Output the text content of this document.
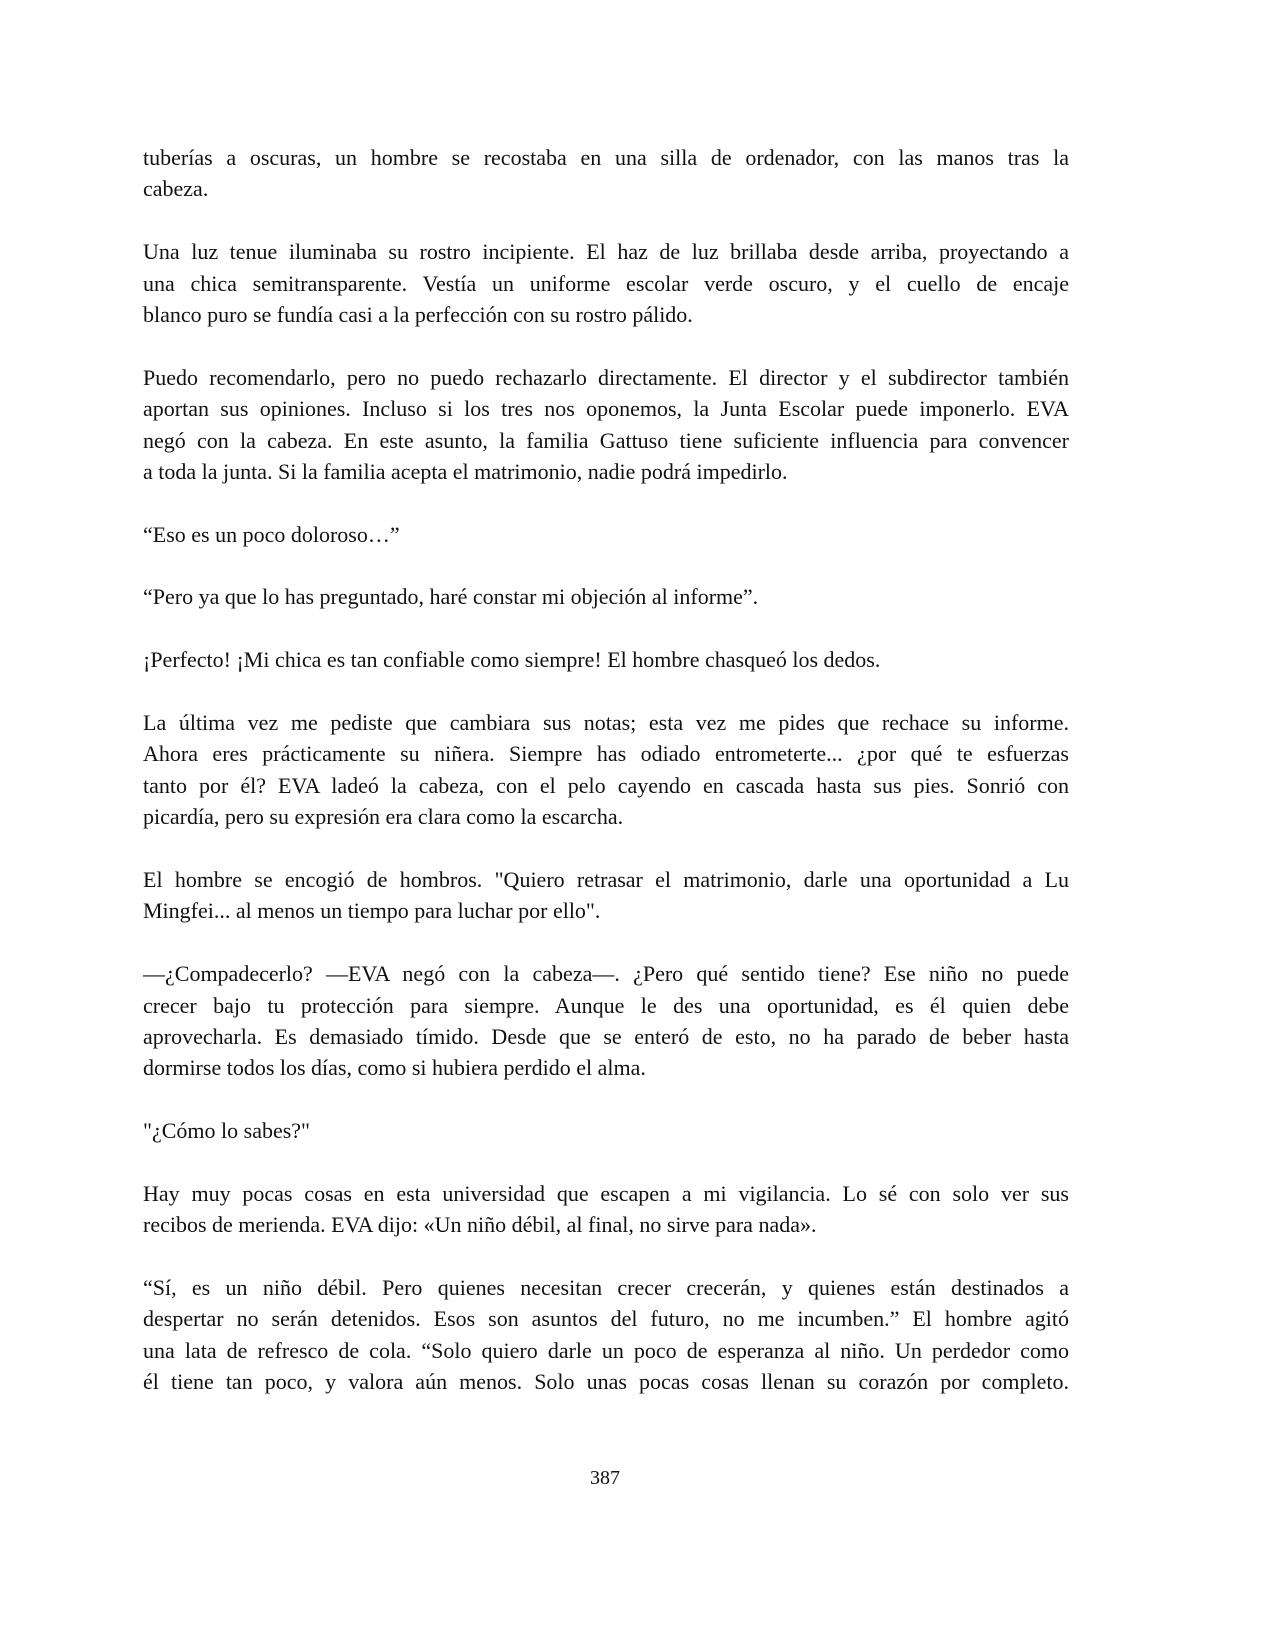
tuberías a oscuras, un hombre se recostaba en una silla de ordenador, con las manos tras la
cabeza.
Una luz tenue iluminaba su rostro incipiente. El haz de luz brillaba desde arriba, proyectando a
una chica semitransparente. Vestía un uniforme escolar verde oscuro, y el cuello de encaje
blanco puro se fundía casi a la perfección con su rostro pálido.
Puedo recomendarlo, pero no puedo rechazarlo directamente. El director y el subdirector también
aportan sus opiniones. Incluso si los tres nos oponemos, la Junta Escolar puede imponerlo. EVA
negó con la cabeza. En este asunto, la familia Gattuso tiene suficiente influencia para convencer
a toda la junta. Si la familia acepta el matrimonio, nadie podrá impedirlo.
“Eso es un poco doloroso…”
“Pero ya que lo has preguntado, haré constar mi objeción al informe”.
¡Perfecto! ¡Mi chica es tan confiable como siempre! El hombre chasqueó los dedos.
La última vez me pediste que cambiara sus notas; esta vez me pides que rechace su informe.
Ahora eres prácticamente su niñera. Siempre has odiado entrometerte... ¿por qué te esfuerzas
tanto por él? EVA ladeó la cabeza, con el pelo cayendo en cascada hasta sus pies. Sonrió con
picardía, pero su expresión era clara como la escarcha.
El hombre se encogió de hombros. "Quiero retrasar el matrimonio, darle una oportunidad a Lu
Mingfei... al menos un tiempo para luchar por ello".
—¿Compadecerlo? —EVA negó con la cabeza—. ¿Pero qué sentido tiene? Ese niño no puede
crecer bajo tu protección para siempre. Aunque le des una oportunidad, es él quien debe
aprovecharla. Es demasiado tímido. Desde que se enteró de esto, no ha parado de beber hasta
dormirse todos los días, como si hubiera perdido el alma.
"¿Cómo lo sabes?"
Hay muy pocas cosas en esta universidad que escapen a mi vigilancia. Lo sé con solo ver sus
recibos de merienda. EVA dijo: «Un niño débil, al final, no sirve para nada».
“Sí, es un niño débil. Pero quienes necesitan crecer crecerán, y quienes están destinados a
despertar no serán detenidos. Esos son asuntos del futuro, no me incumben.” El hombre agitó
una lata de refresco de cola. “Solo quiero darle un poco de esperanza al niño. Un perdedor como
él tiene tan poco, y valora aún menos. Solo unas pocas cosas llenan su corazón por completo.
387
